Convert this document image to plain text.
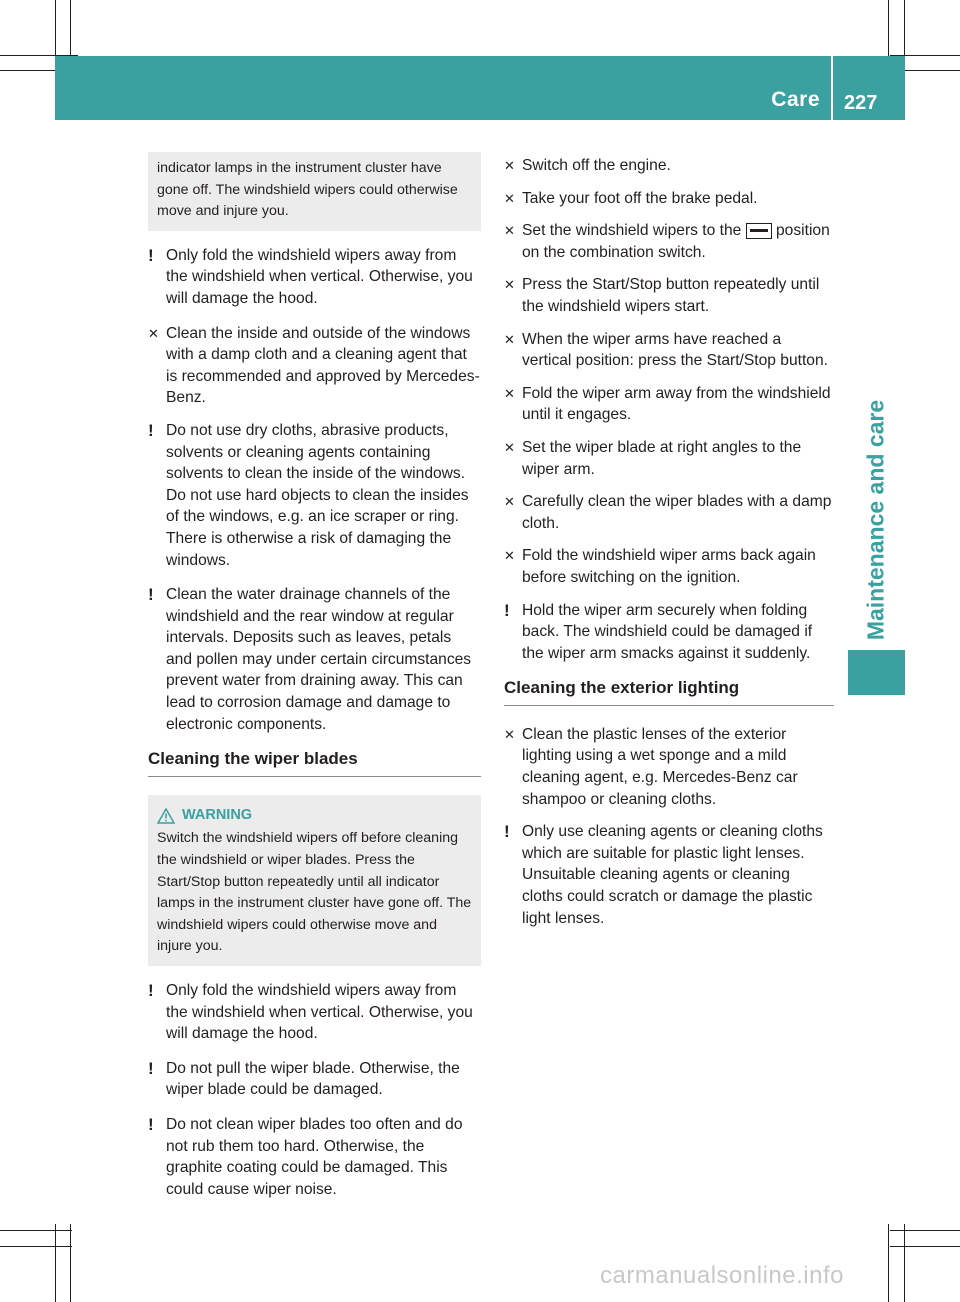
Care 227
Maintenance and care
indicator lamps in the instrument cluster have gone off. The windshield wipers could otherwise move and injure you.
! Only fold the windshield wipers away from the windshield when vertical. Otherwise, you will damage the hood.
✕ Clean the inside and outside of the windows with a damp cloth and a cleaning agent that is recommended and approved by Mercedes-Benz.
! Do not use dry cloths, abrasive products, solvents or cleaning agents containing solvents to clean the inside of the windows. Do not use hard objects to clean the insides of the windows, e.g. an ice scraper or ring. There is otherwise a risk of damaging the windows.
! Clean the water drainage channels of the windshield and the rear window at regular intervals. Deposits such as leaves, petals and pollen may under certain circumstances prevent water from draining away. This can lead to corrosion damage and damage to electronic components.
Cleaning the wiper blades
WARNING
Switch the windshield wipers off before cleaning the windshield or wiper blades. Press the Start/Stop button repeatedly until all indicator lamps in the instrument cluster have gone off. The windshield wipers could otherwise move and injure you.
! Only fold the windshield wipers away from the windshield when vertical. Otherwise, you will damage the hood.
! Do not pull the wiper blade. Otherwise, the wiper blade could be damaged.
! Do not clean wiper blades too often and do not rub them too hard. Otherwise, the graphite coating could be damaged. This could cause wiper noise.
✕ Switch off the engine.
✕ Take your foot off the brake pedal.
✕ Set the windshield wipers to the position on the combination switch.
✕ Press the Start/Stop button repeatedly until the windshield wipers start.
✕ When the wiper arms have reached a vertical position: press the Start/Stop button.
✕ Fold the wiper arm away from the windshield until it engages.
✕ Set the wiper blade at right angles to the wiper arm.
✕ Carefully clean the wiper blades with a damp cloth.
✕ Fold the windshield wiper arms back again before switching on the ignition.
! Hold the wiper arm securely when folding back. The windshield could be damaged if the wiper arm smacks against it suddenly.
Cleaning the exterior lighting
✕ Clean the plastic lenses of the exterior lighting using a wet sponge and a mild cleaning agent, e.g. Mercedes-Benz car shampoo or cleaning cloths.
! Only use cleaning agents or cleaning cloths which are suitable for plastic light lenses. Unsuitable cleaning agents or cleaning cloths could scratch or damage the plastic light lenses.
carmanualsonline.info
